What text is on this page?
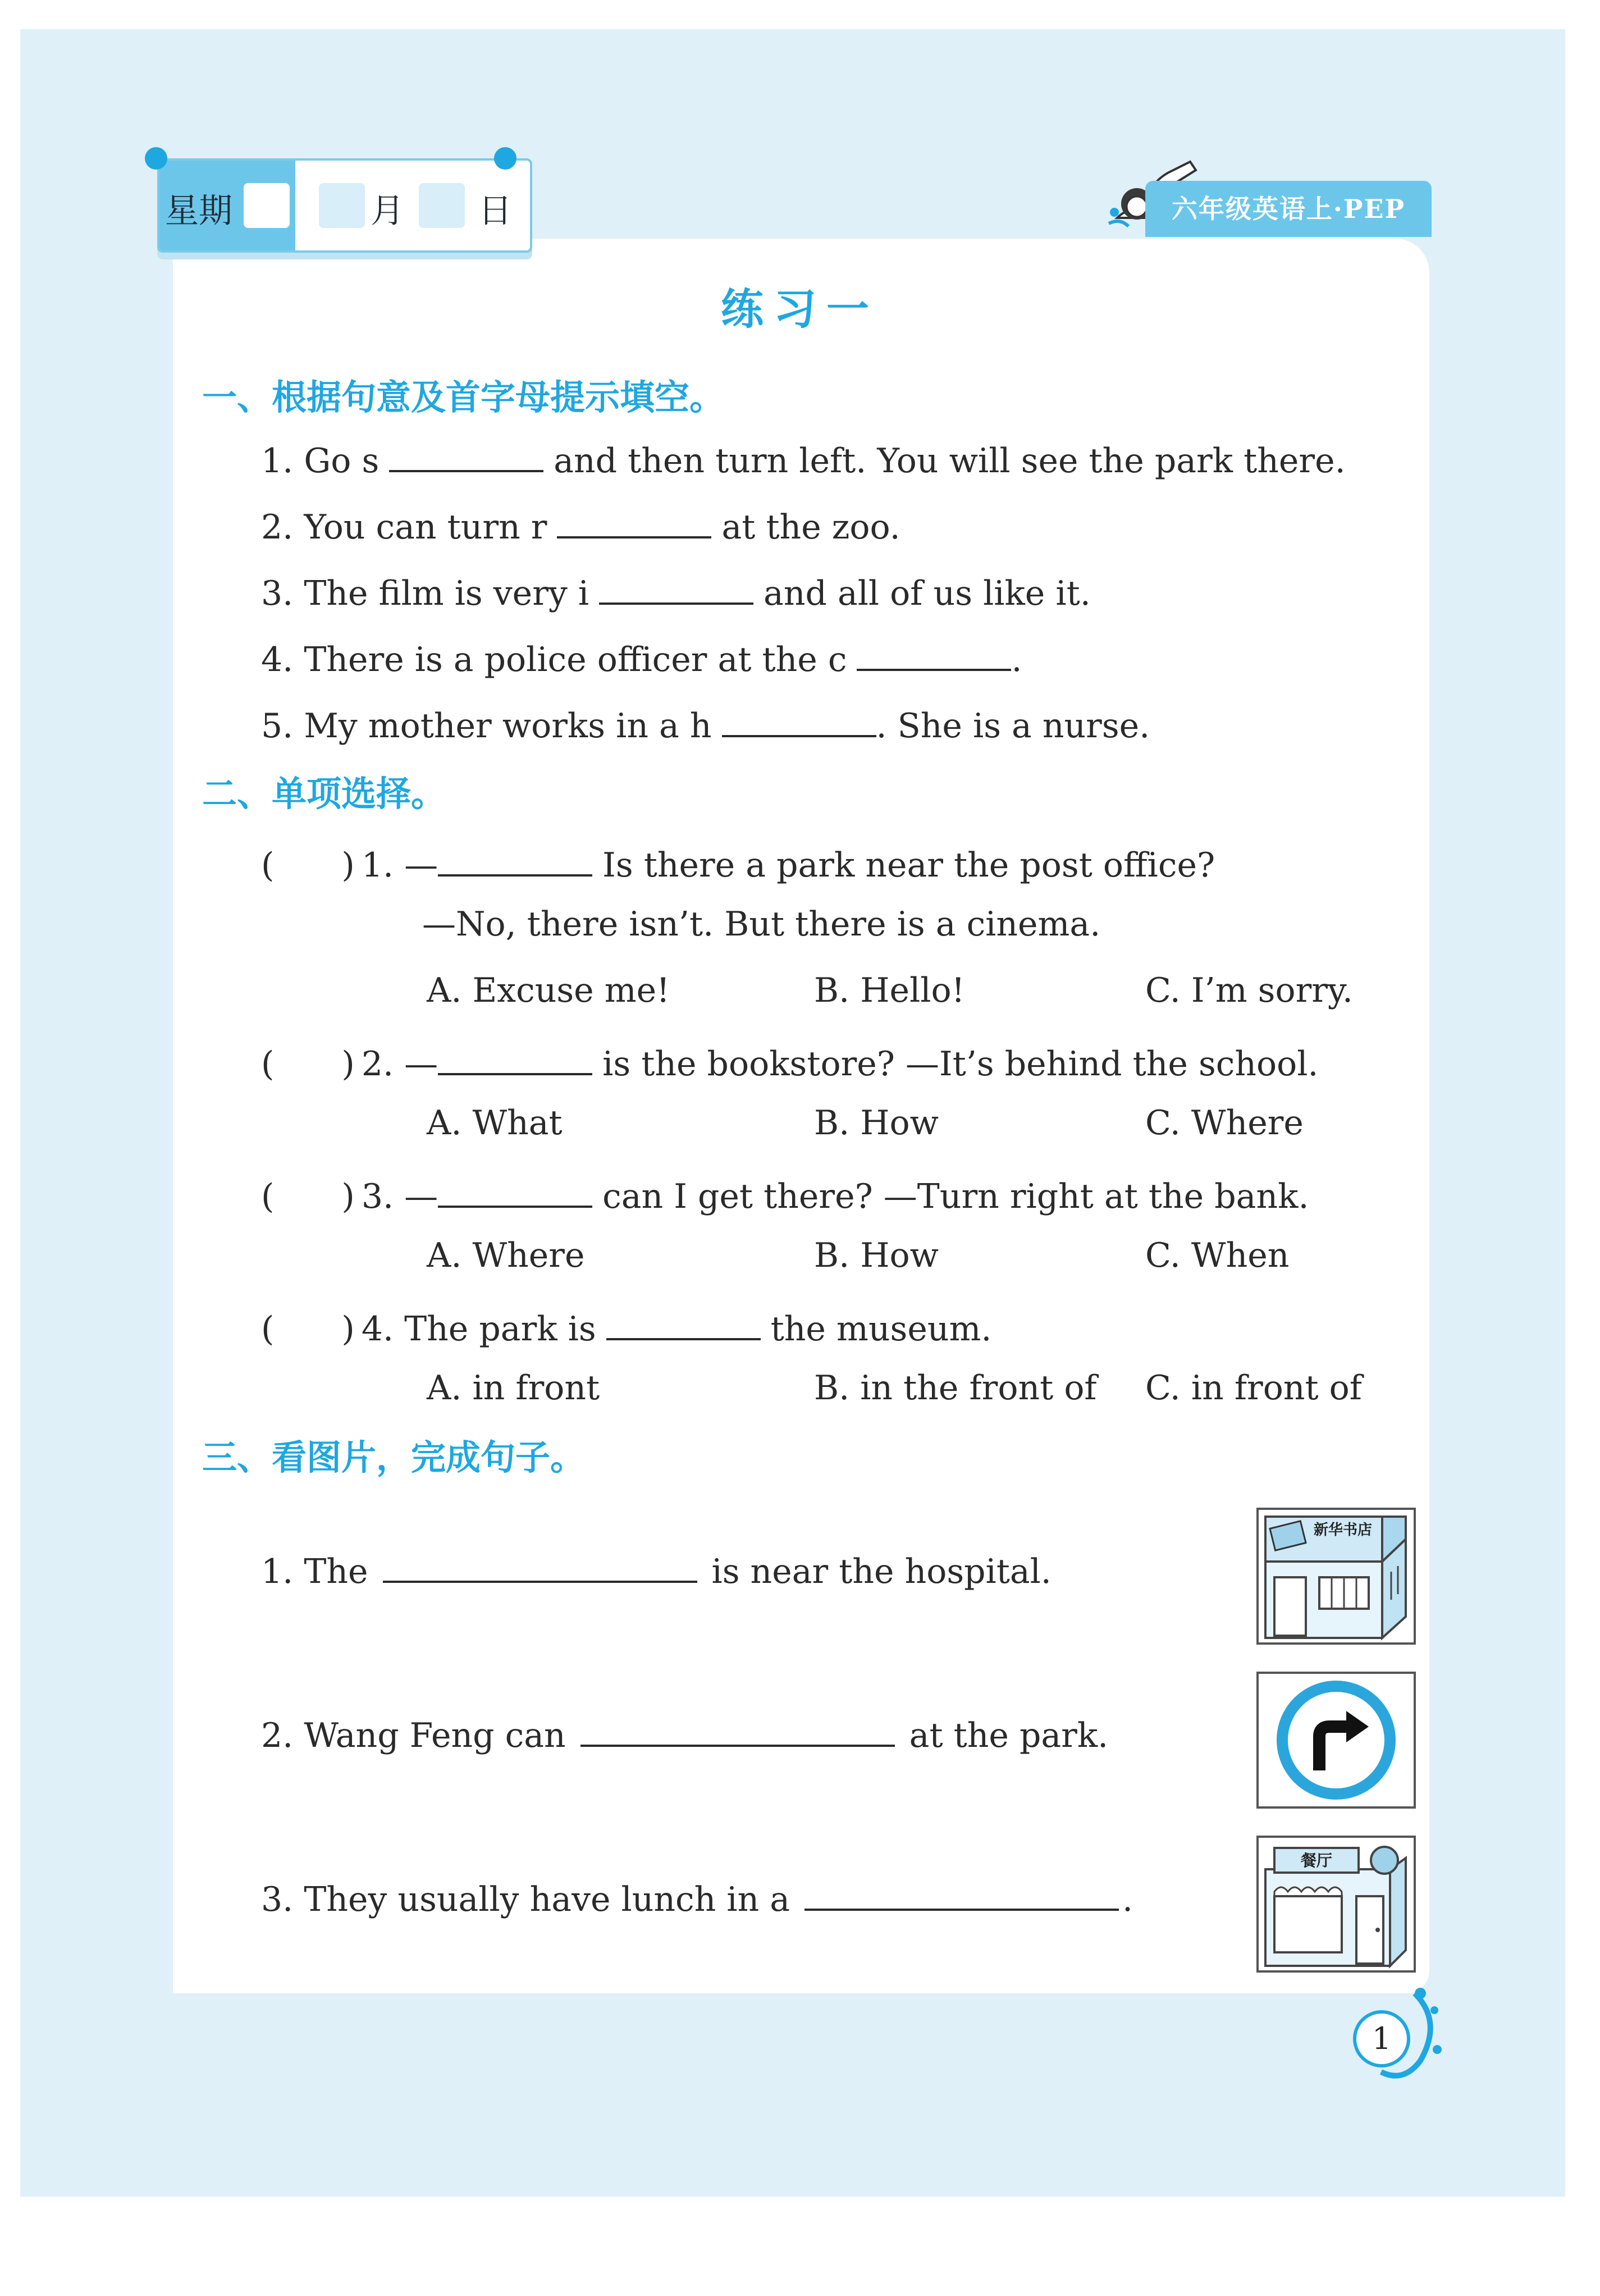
星期	月 日	六年级英语上·PEP
练习一
一、根据句意及首字母提示填空。
1. Go s	and then turn left. You will see the park there.
2. You can turn r	at the zoo.
3. The film is very i	and all of us like it.
4. There is a police officer at the c	.
5. My mother works in a h	. She is a nurse.
二、单项选择。
(　　) 1. —	Is there a park near the post office?
—No, there isn’t. But there is a cinema.
A. Excuse me!	B. Hello!	C. I’m sorry.
(　　) 2. —	is the bookstore? —It’s behind the school.
A. What	B. How	C. Where
(　　) 3. —	can I get there? —Turn right at the bank.
A. Where	B. How	C. When
(　　) 4. The park is	the museum.
A. in front	B. in the front of C. in front of
三、看图片，完成句子。
1. The	is near the hospital.
2. Wang Feng can	at the park.
3. They usually have lunch in a	.
新华书店
餐厅
1
